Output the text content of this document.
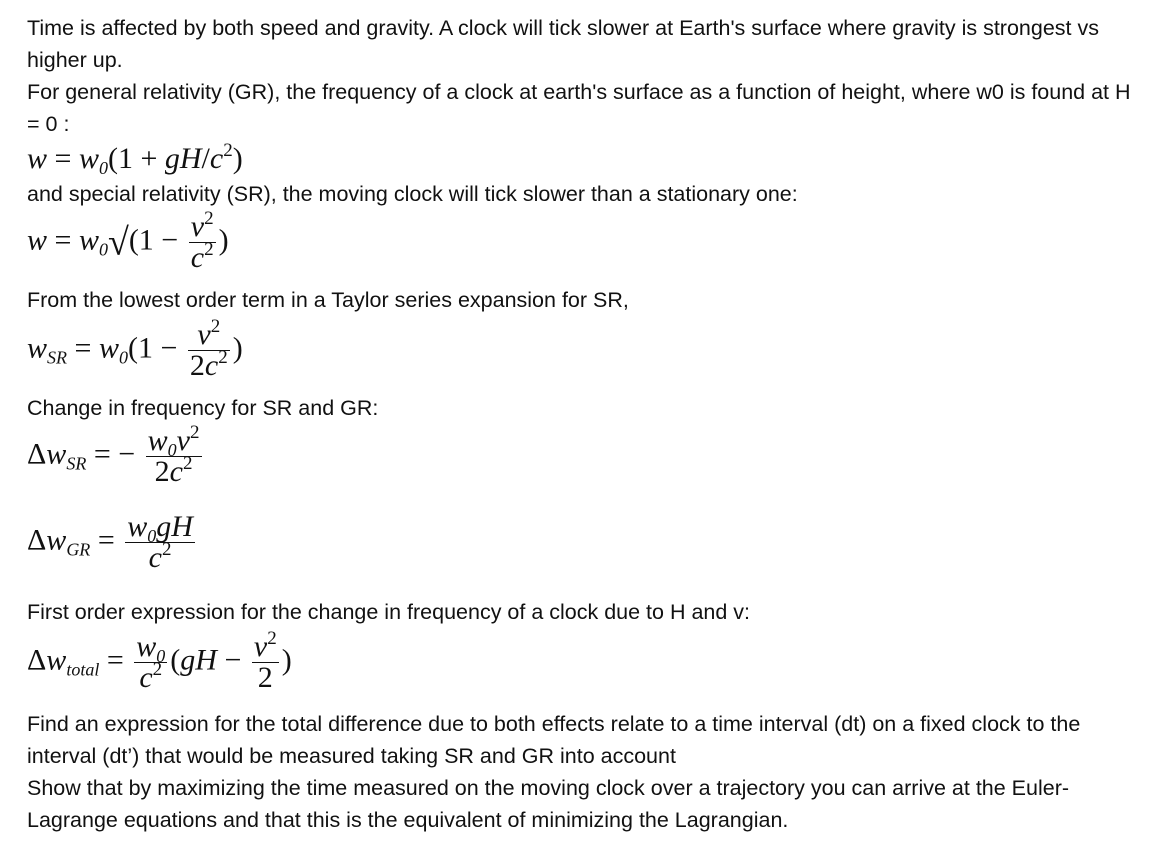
Time is affected by both speed and gravity. A clock will tick slower at Earth's surface where gravity is strongest vs higher up.

For general relativity (GR), the frequency of a clock at earth's surface as a function of height, where w0 is found at H = 0 :

$w = w_0(1 + gH/c^2)$

and special relativity (SR), the moving clock will tick slower than a stationary one:

$w = w_0√(1 - \frac{v^2}{c^2}$ )

From the lowest order term in a Taylor series expansion for SR,

$w_{SR} = w_0(1 - \frac{v^2}{2c^2}$ )

Change in frequency for SR and GR:

$\Delta w_{SR}$ = − $\frac{w_0v^2}{2c^2}$
$\Delta w_{GR} = \frac{w_0gH}{c^2}$

First order expression for the change in frequency of a clock due to H and v:

$\Delta w_{total} = \frac{w_0}{c^2} (gH - \frac{v^2}{2}$ )

Find an expression for the total difference due to both effects relate to a time interval (dt) on a fixed clock to the interval (dt’) that would be measured taking SR and GR into account

Show that by maximizing the time measured on the moving clock over a trajectory you can arrive at the Euler-Lagrange equations and that this is the equivalent of minimizing the Lagrangian.
